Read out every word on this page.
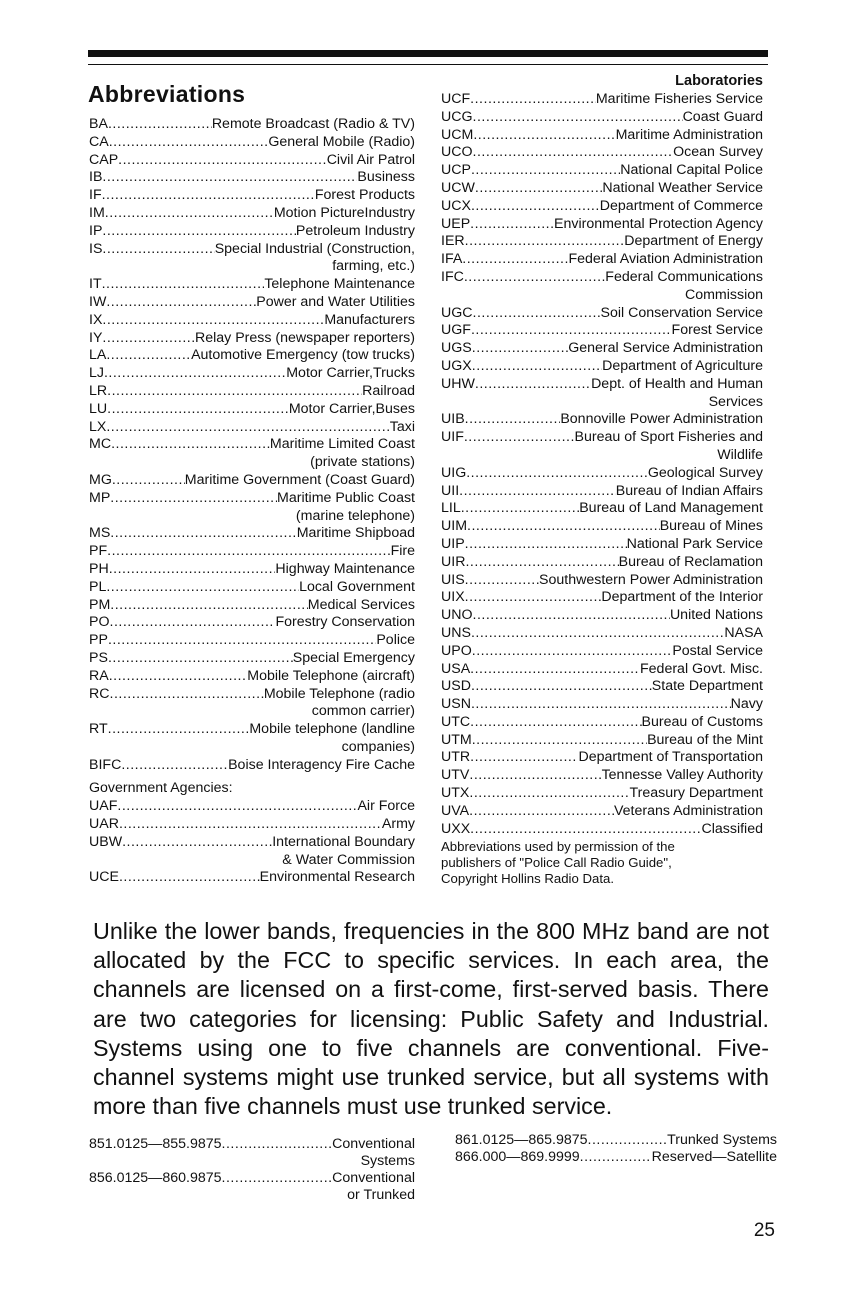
Abbreviations	Laboratories
BA .....	Remote Broadcast (Radio & TV)
CA .....	General Mobile (Radio)
CAP .....	Civil Air Patrol
IB .....	Business
IF .....	Forest Products
IM .....	Motion PictureIndustry
IP .....	Petroleum Industry
IS .....	Special Industrial (Construction,
farming, etc.)
IT .....	Telephone Maintenance
IW .....	Power and Water Utilities
IX .....	Manufacturers
IY .....	Relay Press (newspaper reporters)
LA .....	Automotive Emergency (tow trucks)
LJ .....	Motor Carrier,Trucks
LR .....	Railroad
LU .....	Motor Carrier,Buses
LX .....	Taxi
MC .....	Maritime Limited Coast
(private stations)
MG .....	Maritime Government (Coast Guard)
MP .....	Maritime Public Coast
(marine telephone)
MS .....	Maritime Shipboad
PF .....	Fire
PH .....	Highway Maintenance
PL .....	Local Government
PM .....	Medical Services
PO .....	Forestry Conservation
PP .....	Police
PS .....	Special Emergency
RA .....	Mobile Telephone (aircraft)
RC .....	Mobile Telephone (radio
common carrier)
RT .....	Mobile telephone (landline
companies)
BIFC .....	Boise Interagency Fire Cache
Government Agencies:
UAF .....	Air Force
UAR .....	Army
UBW .....	International Boundary
& Water Commission
UCE .....	Environmental Research
UCF .....	Maritime Fisheries Service
UCG .....	Coast Guard
UCM .....	Maritime Administration
UCO .....	Ocean Survey
UCP .....	National Capital Police
UCW .....	National Weather Service
UCX .....	Department of Commerce
UEP .....	Environmental Protection Agency
IER .....	Department of Energy
IFA .....	Federal Aviation Administration
IFC .....	Federal Communications
Commission
UGC .....	Soil Conservation Service
UGF .....	Forest Service
UGS .....	General Service Administration
UGX .....	Department of Agriculture
UHW .....	Dept. of Health and Human
Services
UIB .....	Bonnoville Power Administration
UIF .....	Bureau of Sport Fisheries and
Wildlife
UIG .....	Geological Survey
UII .....	Bureau of Indian Affairs
LIL .....	Bureau of Land Management
UIM .....	Bureau of Mines
UIP .....	National Park Service
UIR .....	Bureau of Reclamation
UIS .....	Southwestern Power Administration
UIX .....	Department of the Interior
UNO .....	United Nations
UNS .....	NASA
UPO .....	Postal Service
USA .....	Federal Govt. Misc.
USD .....	State Department
USN .....	Navy
UTC .....	Bureau of Customs
UTM .....	Bureau of the Mint
UTR .....	Department of Transportation
UTV .....	Tennesse Valley Authority
UTX .....	Treasury Department
UVA .....	Veterans Administration
UXX .....	Classified
Abbreviations used by permission of the
publishers of "Police Call Radio Guide",
Copyright Hollins Radio Data.
Unlike the lower bands, frequencies in the 800 MHz band are not allocated by the FCC to specific services. In each area, the channels are licensed on a first-come, first-served basis. There are two categories for licensing: Public Safety and Industrial. Systems using one to five channels are conventional. Five-channel systems might use trunked service, but all systems with more than five channels must use trunked service.
851.0125—855.9875 .....	Conventional
Systems
856.0125—860.9875 .....	Conventional
or Trunked
861.0125—865.9875 .....	Trunked Systems
866.000—869.9999 .....	Reserved—Satellite
25
